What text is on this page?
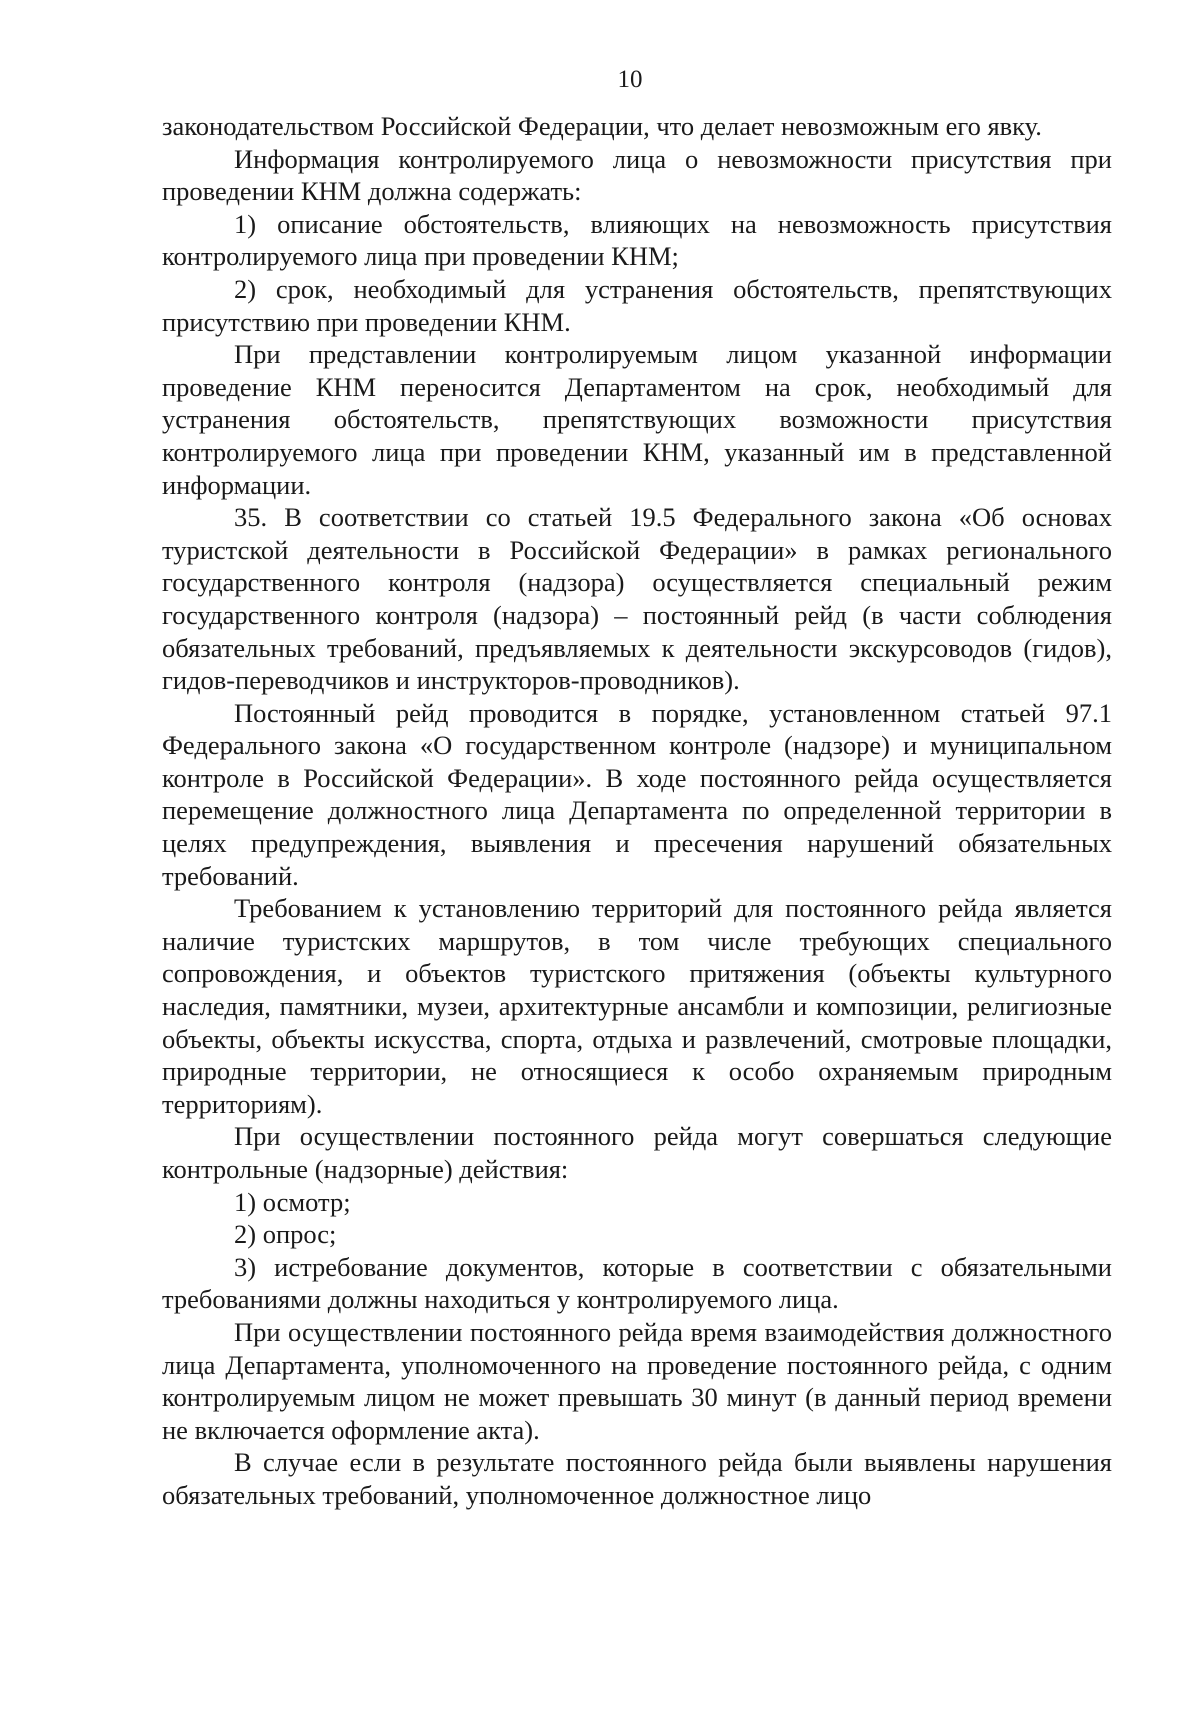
10

законодательством Российской Федерации, что делает невозможным его явку.

Информация контролируемого лица о невозможности присутствия при проведении КНМ должна содержать:

1) описание обстоятельств, влияющих на невозможность присутствия контролируемого лица при проведении КНМ;

2) срок, необходимый для устранения обстоятельств, препятствующих присутствию при проведении КНМ.

При представлении контролируемым лицом указанной информации проведение КНМ переносится Департаментом на срок, необходимый для устранения обстоятельств, препятствующих возможности присутствия контролируемого лица при проведении КНМ, указанный им в представленной информации.

35. В соответствии со статьей 19.5 Федерального закона «Об основах туристской деятельности в Российской Федерации» в рамках регионального государственного контроля (надзора) осуществляется специальный режим государственного контроля (надзора) – постоянный рейд (в части соблюдения обязательных требований, предъявляемых к деятельности экскурсоводов (гидов), гидов-переводчиков и инструкторов-проводников).

Постоянный рейд проводится в порядке, установленном статьей 97.1 Федерального закона «О государственном контроле (надзоре) и муниципальном контроле в Российской Федерации». В ходе постоянного рейда осуществляется перемещение должностного лица Департамента по определенной территории в целях предупреждения, выявления и пресечения нарушений обязательных требований.

Требованием к установлению территорий для постоянного рейда является наличие туристских маршрутов, в том числе требующих специального сопровождения, и объектов туристского притяжения (объекты культурного наследия, памятники, музеи, архитектурные ансамбли и композиции, религиозные объекты, объекты искусства, спорта, отдыха и развлечений, смотровые площадки, природные территории, не относящиеся к особо охраняемым природным территориям).

При осуществлении постоянного рейда могут совершаться следующие контрольные (надзорные) действия:

1) осмотр;

2) опрос;

3) истребование документов, которые в соответствии с обязательными требованиями должны находиться у контролируемого лица.

При осуществлении постоянного рейда время взаимодействия должностного лица Департамента, уполномоченного на проведение постоянного рейда, с одним контролируемым лицом не может превышать 30 минут (в данный период времени не включается оформление акта).

В случае если в результате постоянного рейда были выявлены нарушения обязательных требований, уполномоченное должностное лицо
